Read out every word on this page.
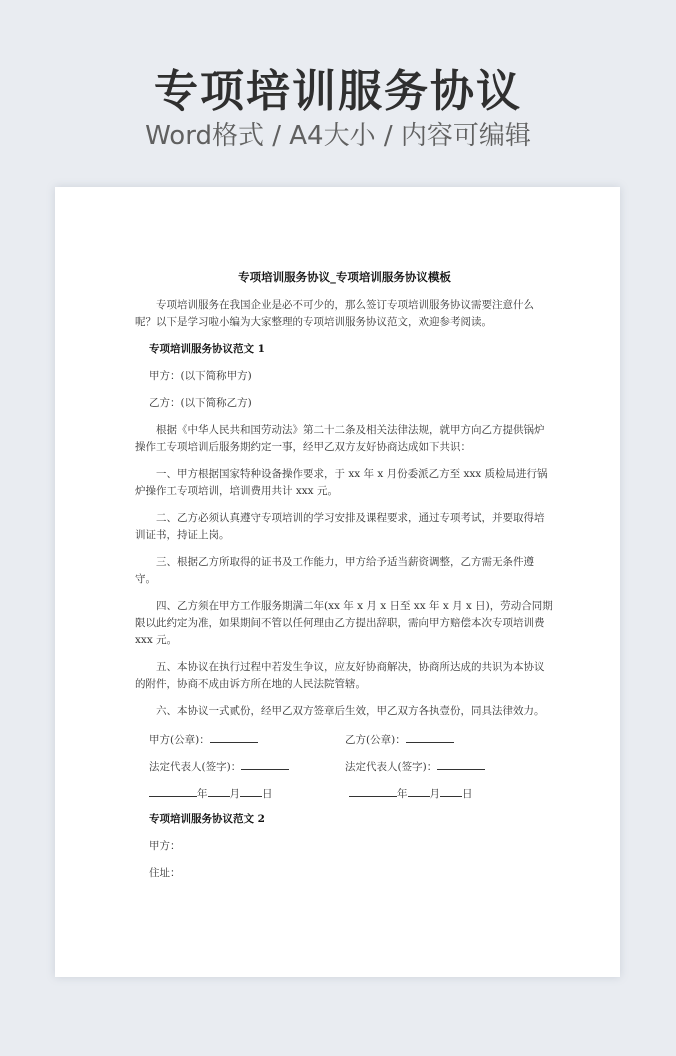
专项培训服务协议
Word格式 / A4大小 / 内容可编辑
专项培训服务协议_专项培训服务协议模板
专项培训服务在我国企业是必不可少的，那么签订专项培训服务协议需要注意什么呢？以下是学习啦小编为大家整理的专项培训服务协议范文，欢迎参考阅读。
专项培训服务协议范文 1
甲方：(以下简称甲方)
乙方：(以下简称乙方)
根据《中华人民共和国劳动法》第二十二条及相关法律法规，就甲方向乙方提供锅炉操作工专项培训后服务期约定一事，经甲乙双方友好协商达成如下共识：
一、甲方根据国家特种设备操作要求，于 xx 年 x 月份委派乙方至 xxx 质检局进行锅炉操作工专项培训，培训费用共计 xxx 元。
二、乙方必须认真遵守专项培训的学习安排及课程要求，通过专项考试，并要取得培训证书，持证上岗。
三、根据乙方所取得的证书及工作能力，甲方给予适当薪资调整，乙方需无条件遵守。
四、乙方须在甲方工作服务期满二年(xx 年 x 月 x 日至 xx 年 x 月 x 日)，劳动合同期限以此约定为准，如果期间不管以任何理由乙方提出辞职，需向甲方赔偿本次专项培训费 xxx 元。
五、本协议在执行过程中若发生争议，应友好协商解决，协商所达成的共识为本协议的附件，协商不成由诉方所在地的人民法院管辖。
六、本协议一式贰份，经甲乙双方签章后生效，甲乙双方各执壹份，同具法律效力。
甲方(公章)：	乙方(公章)：
法定代表人(签字)：	法定代表人(签字)：
年 月 日	年 月 日
专项培训服务协议范文 2
甲方：
住址：
